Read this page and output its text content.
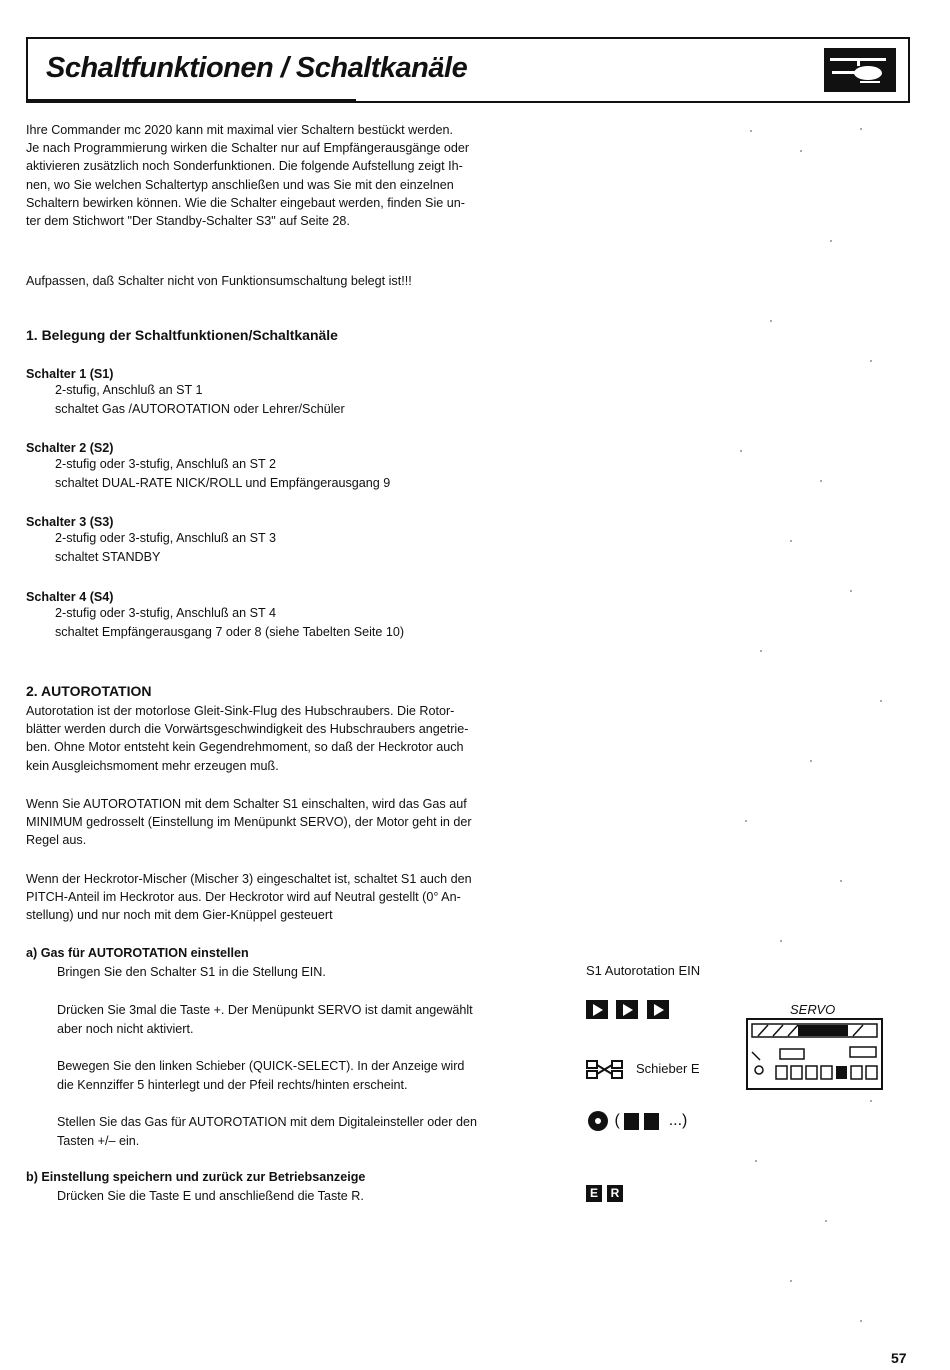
Schaltfunktionen / Schaltkanäle
Ihre Commander mc 2020 kann mit maximal vier Schaltern bestückt werden.
Je nach Programmierung wirken die Schalter nur auf Empfängerausgänge oder
aktivieren zusätzlich noch Sonderfunktionen. Die folgende Aufstellung zeigt Ih-
nen, wo Sie welchen Schaltertyp anschließen und was Sie mit den einzelnen
Schaltern bewirken können. Wie die Schalter eingebaut werden, finden Sie un-
ter dem Stichwort "Der Standby-Schalter S3" auf Seite 28.
Aufpassen, daß Schalter nicht von Funktionsumschaltung belegt ist!!!
1. Belegung der Schaltfunktionen/Schaltkanäle
Schalter 1 (S1)
2-stufig, Anschluß an ST 1
schaltet Gas /AUTOROTATION oder Lehrer/Schüler
Schalter 2 (S2)
2-stufig oder 3-stufig, Anschluß an ST 2
schaltet DUAL-RATE NICK/ROLL und Empfängerausgang 9
Schalter 3 (S3)
2-stufig oder 3-stufig, Anschluß an ST 3
schaltet STANDBY
Schalter 4 (S4)
2-stufig oder 3-stufig, Anschluß an ST 4
schaltet Empfängerausgang 7 oder 8 (siehe Tabelten Seite 10)
2. AUTOROTATION
Autorotation ist der motorlose Gleit-Sink-Flug des Hubschraubers. Die Rotor-
blätter werden durch die Vorwärtsgeschwindigkeit des Hubschraubers angetrie-
ben. Ohne Motor entsteht kein Gegendrehmoment, so daß der Heckrotor auch
kein Ausgleichsmoment mehr erzeugen muß.
Wenn Sie AUTOROTATION mit dem Schalter S1 einschalten, wird das Gas auf
MINIMUM gedrosselt (Einstellung im Menüpunkt SERVO), der Motor geht in der
Regel aus.
Wenn der Heckrotor-Mischer (Mischer 3) eingeschaltet ist, schaltet S1 auch den
PITCH-Anteil im Heckrotor aus. Der Heckrotor wird auf Neutral gestellt (0° An-
stellung) und nur noch mit dem Gier-Knüppel gesteuert
a) Gas für AUTOROTATION einstellen
Bringen Sie den Schalter S1 in die Stellung EIN.
Drücken Sie 3mal die Taste +. Der Menüpunkt SERVO ist damit angewählt
aber noch nicht aktiviert.
Bewegen Sie den linken Schieber (QUICK-SELECT). In der Anzeige wird
die Kennziffer 5 hinterlegt und der Pfeil rechts/hinten erscheint.
Stellen Sie das Gas für AUTOROTATION mit dem Digitaleinsteller oder den
Tasten +/– ein.
b) Einstellung speichern und zurück zur Betriebsanzeige
Drücken Sie die Taste E und anschließend die Taste R.
S1 Autorotation EIN

Schieber E
SERVO
(	...)
E R
57
